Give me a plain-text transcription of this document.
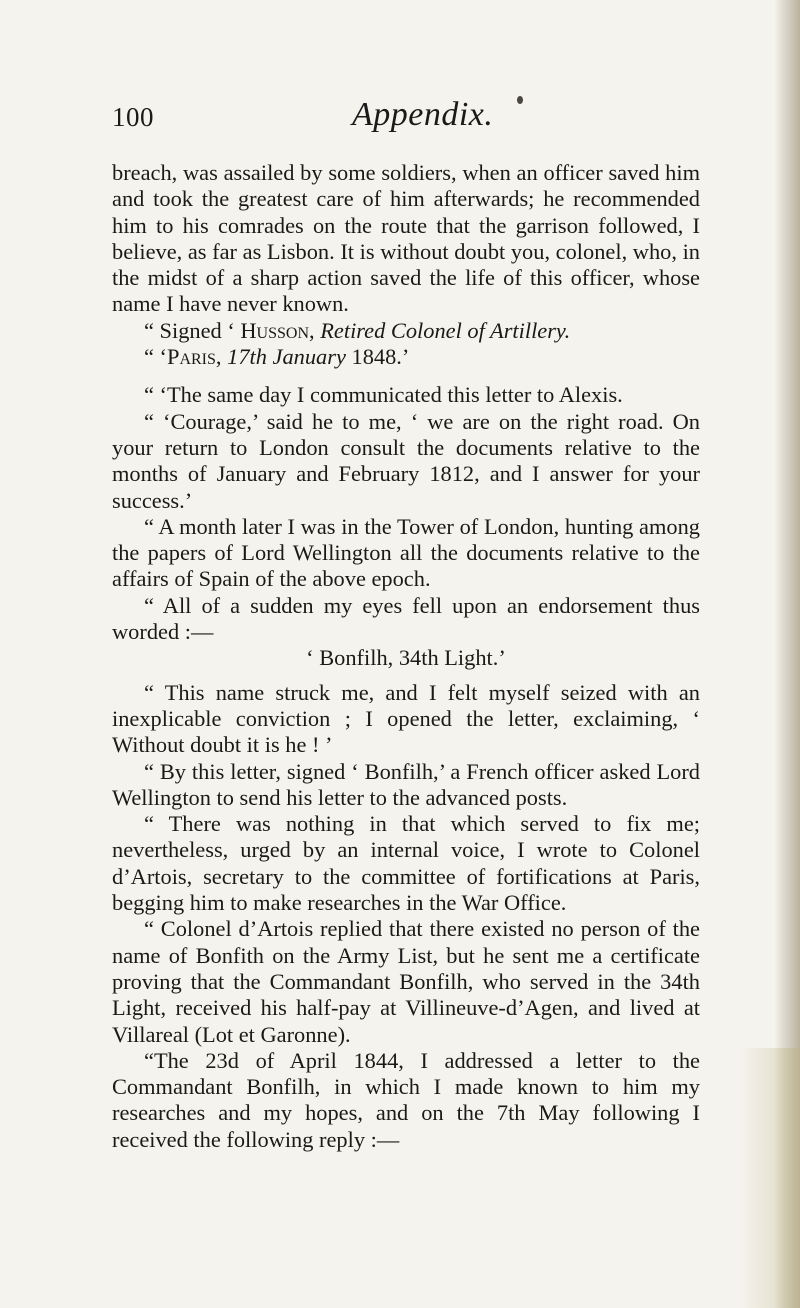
100	Appendix.

breach, was assailed by some soldiers, when an officer saved him and took the greatest care of him afterwards; he recommended him to his comrades on the route that the garrison followed, I believe, as far as Lisbon. It is without doubt you, colonel, who, in the midst of a sharp action saved the life of this officer, whose name I have never known.

“ Signed ‘ Husson, Retired Colonel of Artillery.

“ ‘Paris, 17th January 1848.’

“ ‘The same day I communicated this letter to Alexis.

“ ‘Courage,’ said he to me, ‘ we are on the right road. On your return to London consult the documents relative to the months of January and February 1812, and I answer for your success.’

“ A month later I was in the Tower of London, hunting among the papers of Lord Wellington all the documents relative to the affairs of Spain of the above epoch.

“ All of a sudden my eyes fell upon an endorsement thus worded :—

‘ Bonfilh, 34th Light.’

“ This name struck me, and I felt myself seized with an inexplicable conviction ; I opened the letter, exclaiming, ‘ Without doubt it is he ! ’

“ By this letter, signed ‘ Bonfilh,’ a French officer asked Lord Wellington to send his letter to the advanced posts.

“ There was nothing in that which served to fix me; nevertheless, urged by an internal voice, I wrote to Colonel d’Artois, secretary to the committee of fortifications at Paris, begging him to make researches in the War Office.

“ Colonel d’Artois replied that there existed no person of the name of Bonfith on the Army List, but he sent me a certificate proving that the Commandant Bonfilh, who served in the 34th Light, received his half-pay at Villineuve-d’Agen, and lived at Villareal (Lot et Garonne).

“The 23d of April 1844, I addressed a letter to the Commandant Bonfilh, in which I made known to him my researches and my hopes, and on the 7th May following I received the following reply :—
